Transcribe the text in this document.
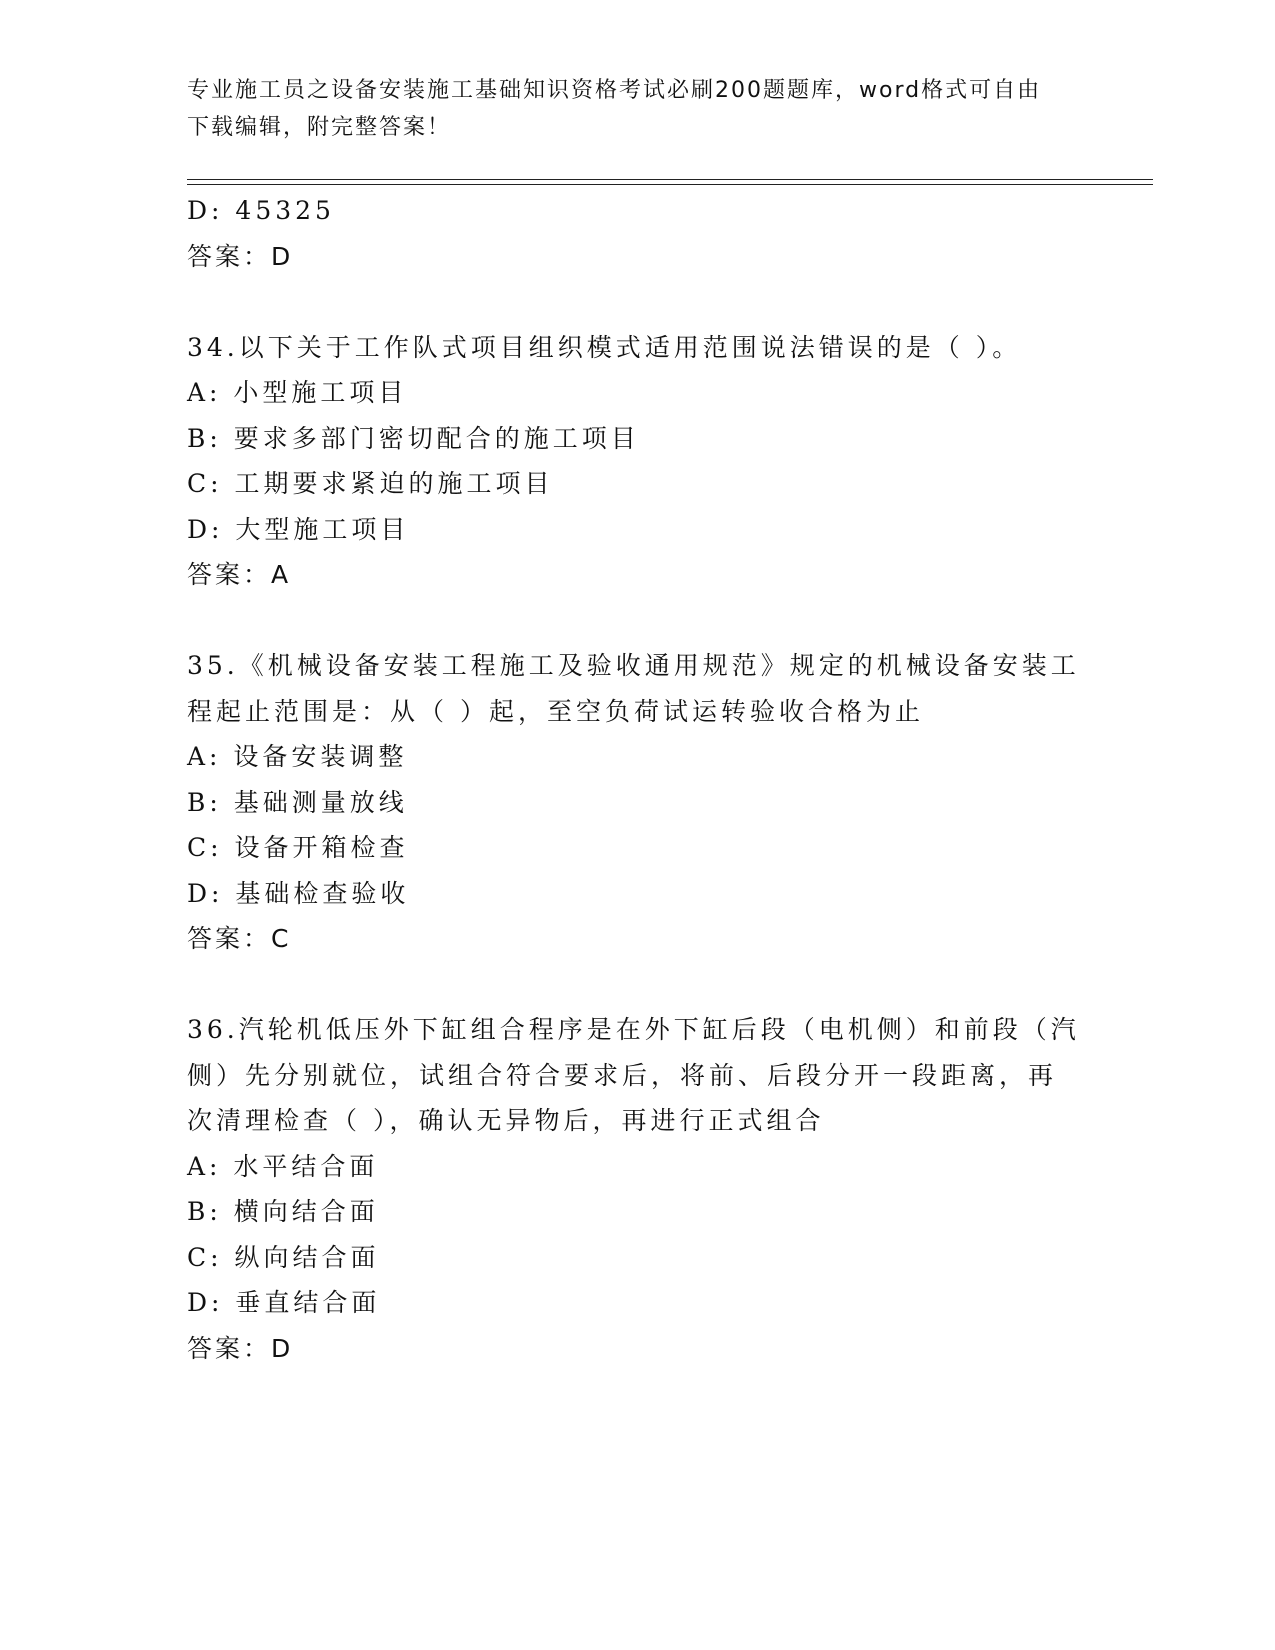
专业施工员之设备安装施工基础知识资格考试必刷200题题库，word格式可自由
下载编辑，附完整答案！
D: 45325
答案：D
34.以下关于工作队式项目组织模式适用范围说法错误的是（ ）。
A: 小型施工项目
B: 要求多部门密切配合的施工项目
C: 工期要求紧迫的施工项目
D: 大型施工项目
答案：A
35.《机械设备安装工程施工及验收通用规范》规定的机械设备安装工
程起止范围是：从（ ）起，至空负荷试运转验收合格为止
A: 设备安装调整
B: 基础测量放线
C: 设备开箱检查
D: 基础检查验收
答案：C
36.汽轮机低压外下缸组合程序是在外下缸后段（电机侧）和前段（汽
侧）先分别就位，试组合符合要求后，将前、后段分开一段距离，再
次清理检查（ ），确认无异物后，再进行正式组合
A: 水平结合面
B: 横向结合面
C: 纵向结合面
D: 垂直结合面
答案：D
